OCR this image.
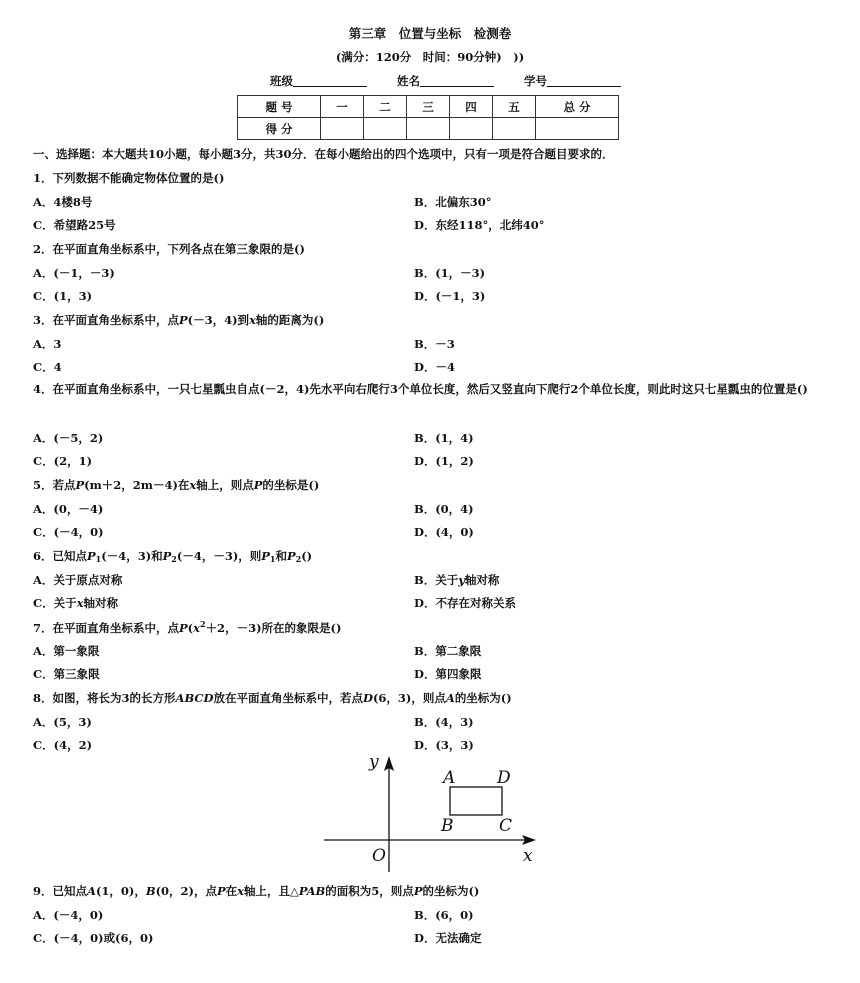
第三章　位置与坐标　检测卷
(满分：120分　时间：90分钟)　))
班级	姓名	学号
题 号	一	二	三	四	五	总 分
得 分						
一、选择题：本大题共10小题，每小题3分，共30分．在每小题给出的四个选项中，只有一项是符合题目要求的．
1．下列数据不能确定物体位置的是()
A．4楼8号	B．北偏东30°
C．希望路25号	D．东经118°，北纬40°
2．在平面直角坐标系中，下列各点在第三象限的是()
A．(－1，－3)	B．(1，－3)
C．(1，3)	D．(－1，3)
3．在平面直角坐标系中，点P(－3，4)到x轴的距离为()
A．3	B．－3
C．4	D．－4
4．在平面直角坐标系中，一只七星瓢虫自点(－2，4)先水平向右爬行3个单位长度，然后又竖直向下爬行2个单位长度，则此时这只七星瓢虫的位置是()
A．(－5，2)	B．(1，4)
C．(2，1)	D．(1，2)
5．若点P(m＋2，2m－4)在x轴上，则点P的坐标是()
A．(0，－4)	B．(0，4)
C．(－4，0)	D．(4，0)
6．已知点$P_1(-4$，3)和$P_2(-4$，－3)，则$P_1$和$P_2()$
A．关于原点对称	B．关于y轴对称
C．关于x轴对称	D．不存在对称关系
7．在平面直角坐标系中，点$P(x^2+2$，－3)所在的象限是()
A．第一象限	B．第二象限
C．第三象限	D．第四象限
8．如图，将长为3的长方形ABCD放在平面直角坐标系中，若点D(6，3)，则点A的坐标为()
A．(5，3)	B．(4，3)
C．(4，2)	D．(3，3)
y
x
O
A D
B	C
9．已知点A(1，0)，B(0，2)，点P在x轴上，且△PAB的面积为5，则点P的坐标为()
A．(－4，0)	B．(6，0)
C．(－4，0)或(6，0)	D．无法确定
